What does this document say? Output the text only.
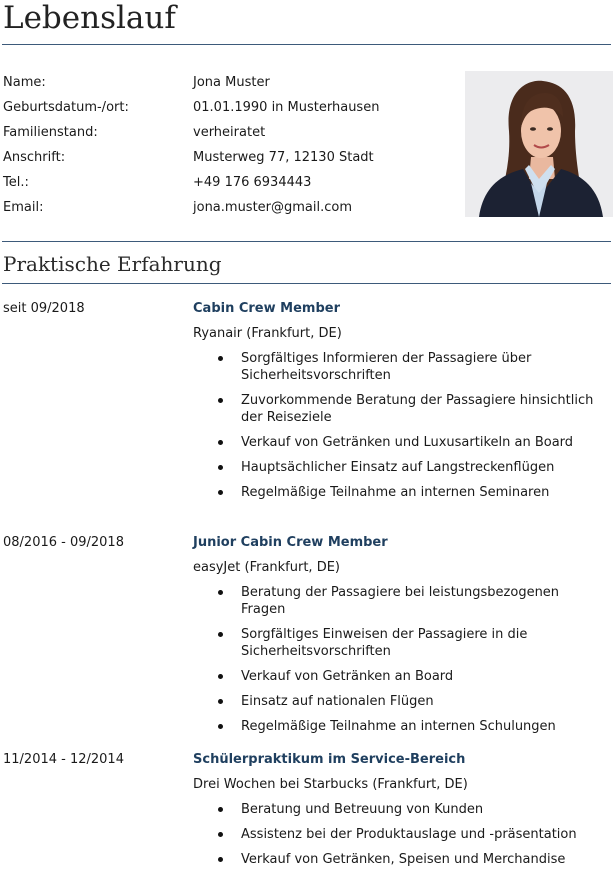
Lebenslauf
Name:	Jona Muster
Geburtsdatum-/ort:	01.01.1990 in Musterhausen
Familienstand:	verheiratet
Anschrift:	Musterweg 77, 12130 Stadt
Tel.:	+49 176 6934443
Email:	jona.muster@gmail.com
Praktische Erfahrung
seit 09/2018	Cabin Crew Member
Ryanair (Frankfurt, DE)
Sorgfältiges Informieren der Passagiere über Sicherheitsvorschriften
Zuvorkommende Beratung der Passagiere hinsichtlich der Reiseziele
Verkauf von Getränken und Luxusartikeln an Board
Hauptsächlicher Einsatz auf Langstreckenflügen
Regelmäßige Teilnahme an internen Seminaren
08/2016 - 09/2018	Junior Cabin Crew Member
easyJet (Frankfurt, DE)
Beratung der Passagiere bei leistungsbezogenen Fragen
Sorgfältiges Einweisen der Passagiere in die Sicherheitsvorschriften
Verkauf von Getränken an Board
Einsatz auf nationalen Flügen
Regelmäßige Teilnahme an internen Schulungen
11/2014 - 12/2014	Schülerpraktikum im Service-Bereich
Drei Wochen bei Starbucks (Frankfurt, DE)
Beratung und Betreuung von Kunden
Assistenz bei der Produktauslage und -präsentation
Verkauf von Getränken, Speisen und Merchandise
